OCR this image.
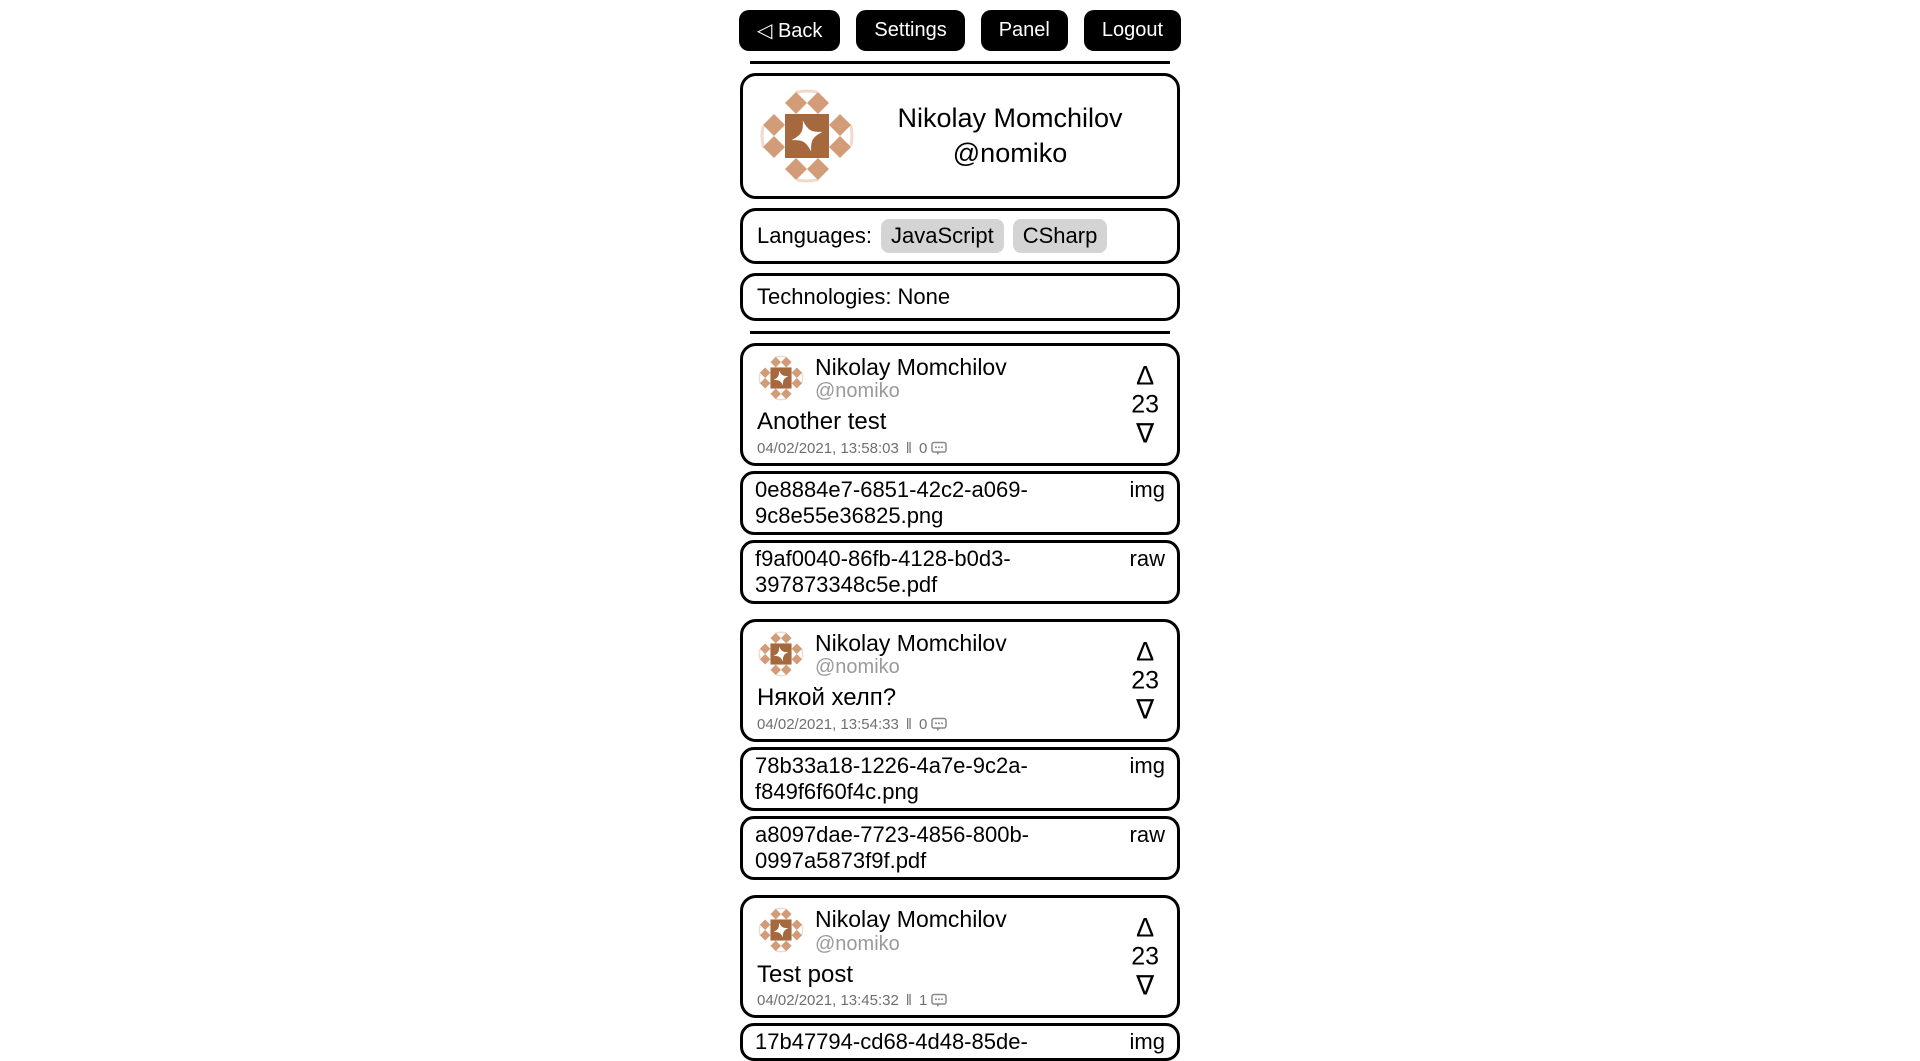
◁ Back	Settings	Panel	Logout
Nikolay Momchilov
@nomiko
Languages: JavaScript CSharp
Technologies: None
Nikolay Momchilov
@nomiko
Another test
04/02/2021, 13:58:03 ‖ 0
Δ
23
∇
0e8884e7-6851-42c2-a069-9c8e55e36825.png
img
f9af0040-86fb-4128-b0d3-397873348c5e.pdf
raw
Nikolay Momchilov
@nomiko
Някой хелп?
04/02/2021, 13:54:33 ‖ 0
Δ
23
∇
78b33a18-1226-4a7e-9c2a-f849f6f60f4c.png
img
a8097dae-7723-4856-800b-0997a5873f9f.pdf
raw
Nikolay Momchilov
@nomiko
Test post
04/02/2021, 13:45:32 ‖ 1
Δ
23
∇
17b47794-cd68-4d48-85de-	img
